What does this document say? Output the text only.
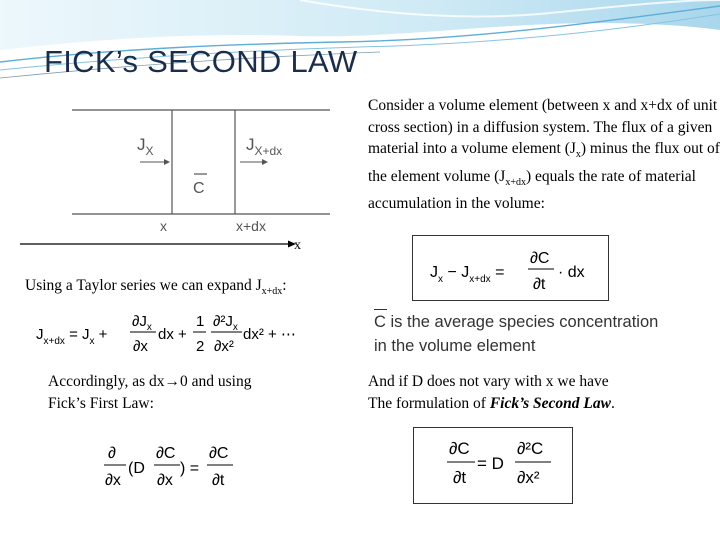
FICK’s SECOND LAW
$J_X$	$J_{X+dx}$
C
x	x+dx
x
Consider a volume element (between x and x+dx of unit cross section) in a diffusion system. The flux of a given material into a volume element $(J_x)$ minus the flux out of the element volume $(J_{x+dx})$ equals the rate of material accumulation in the volume:
$J_x - J_{x+dx}$ =
∂C
∂t
· dx
Using a Taylor series we can expand $J_{x+dx}$:
$J_{x+dx} = J_x$ +
$\partial J_x$
∂x
dx +
1
2
$\partial^2J_x$
∂x²
dx² + ⋯
C is the average species concentration
in the volume element
Accordingly, as dx→0 and using
Fick’s First Law:
And if D does not vary with x we have
The formulation of Fick’s Second Law.
∂
∂x
(D
∂C
∂x
) =
∂C
∂t
∂C
∂t
= D
∂²C
∂x²
